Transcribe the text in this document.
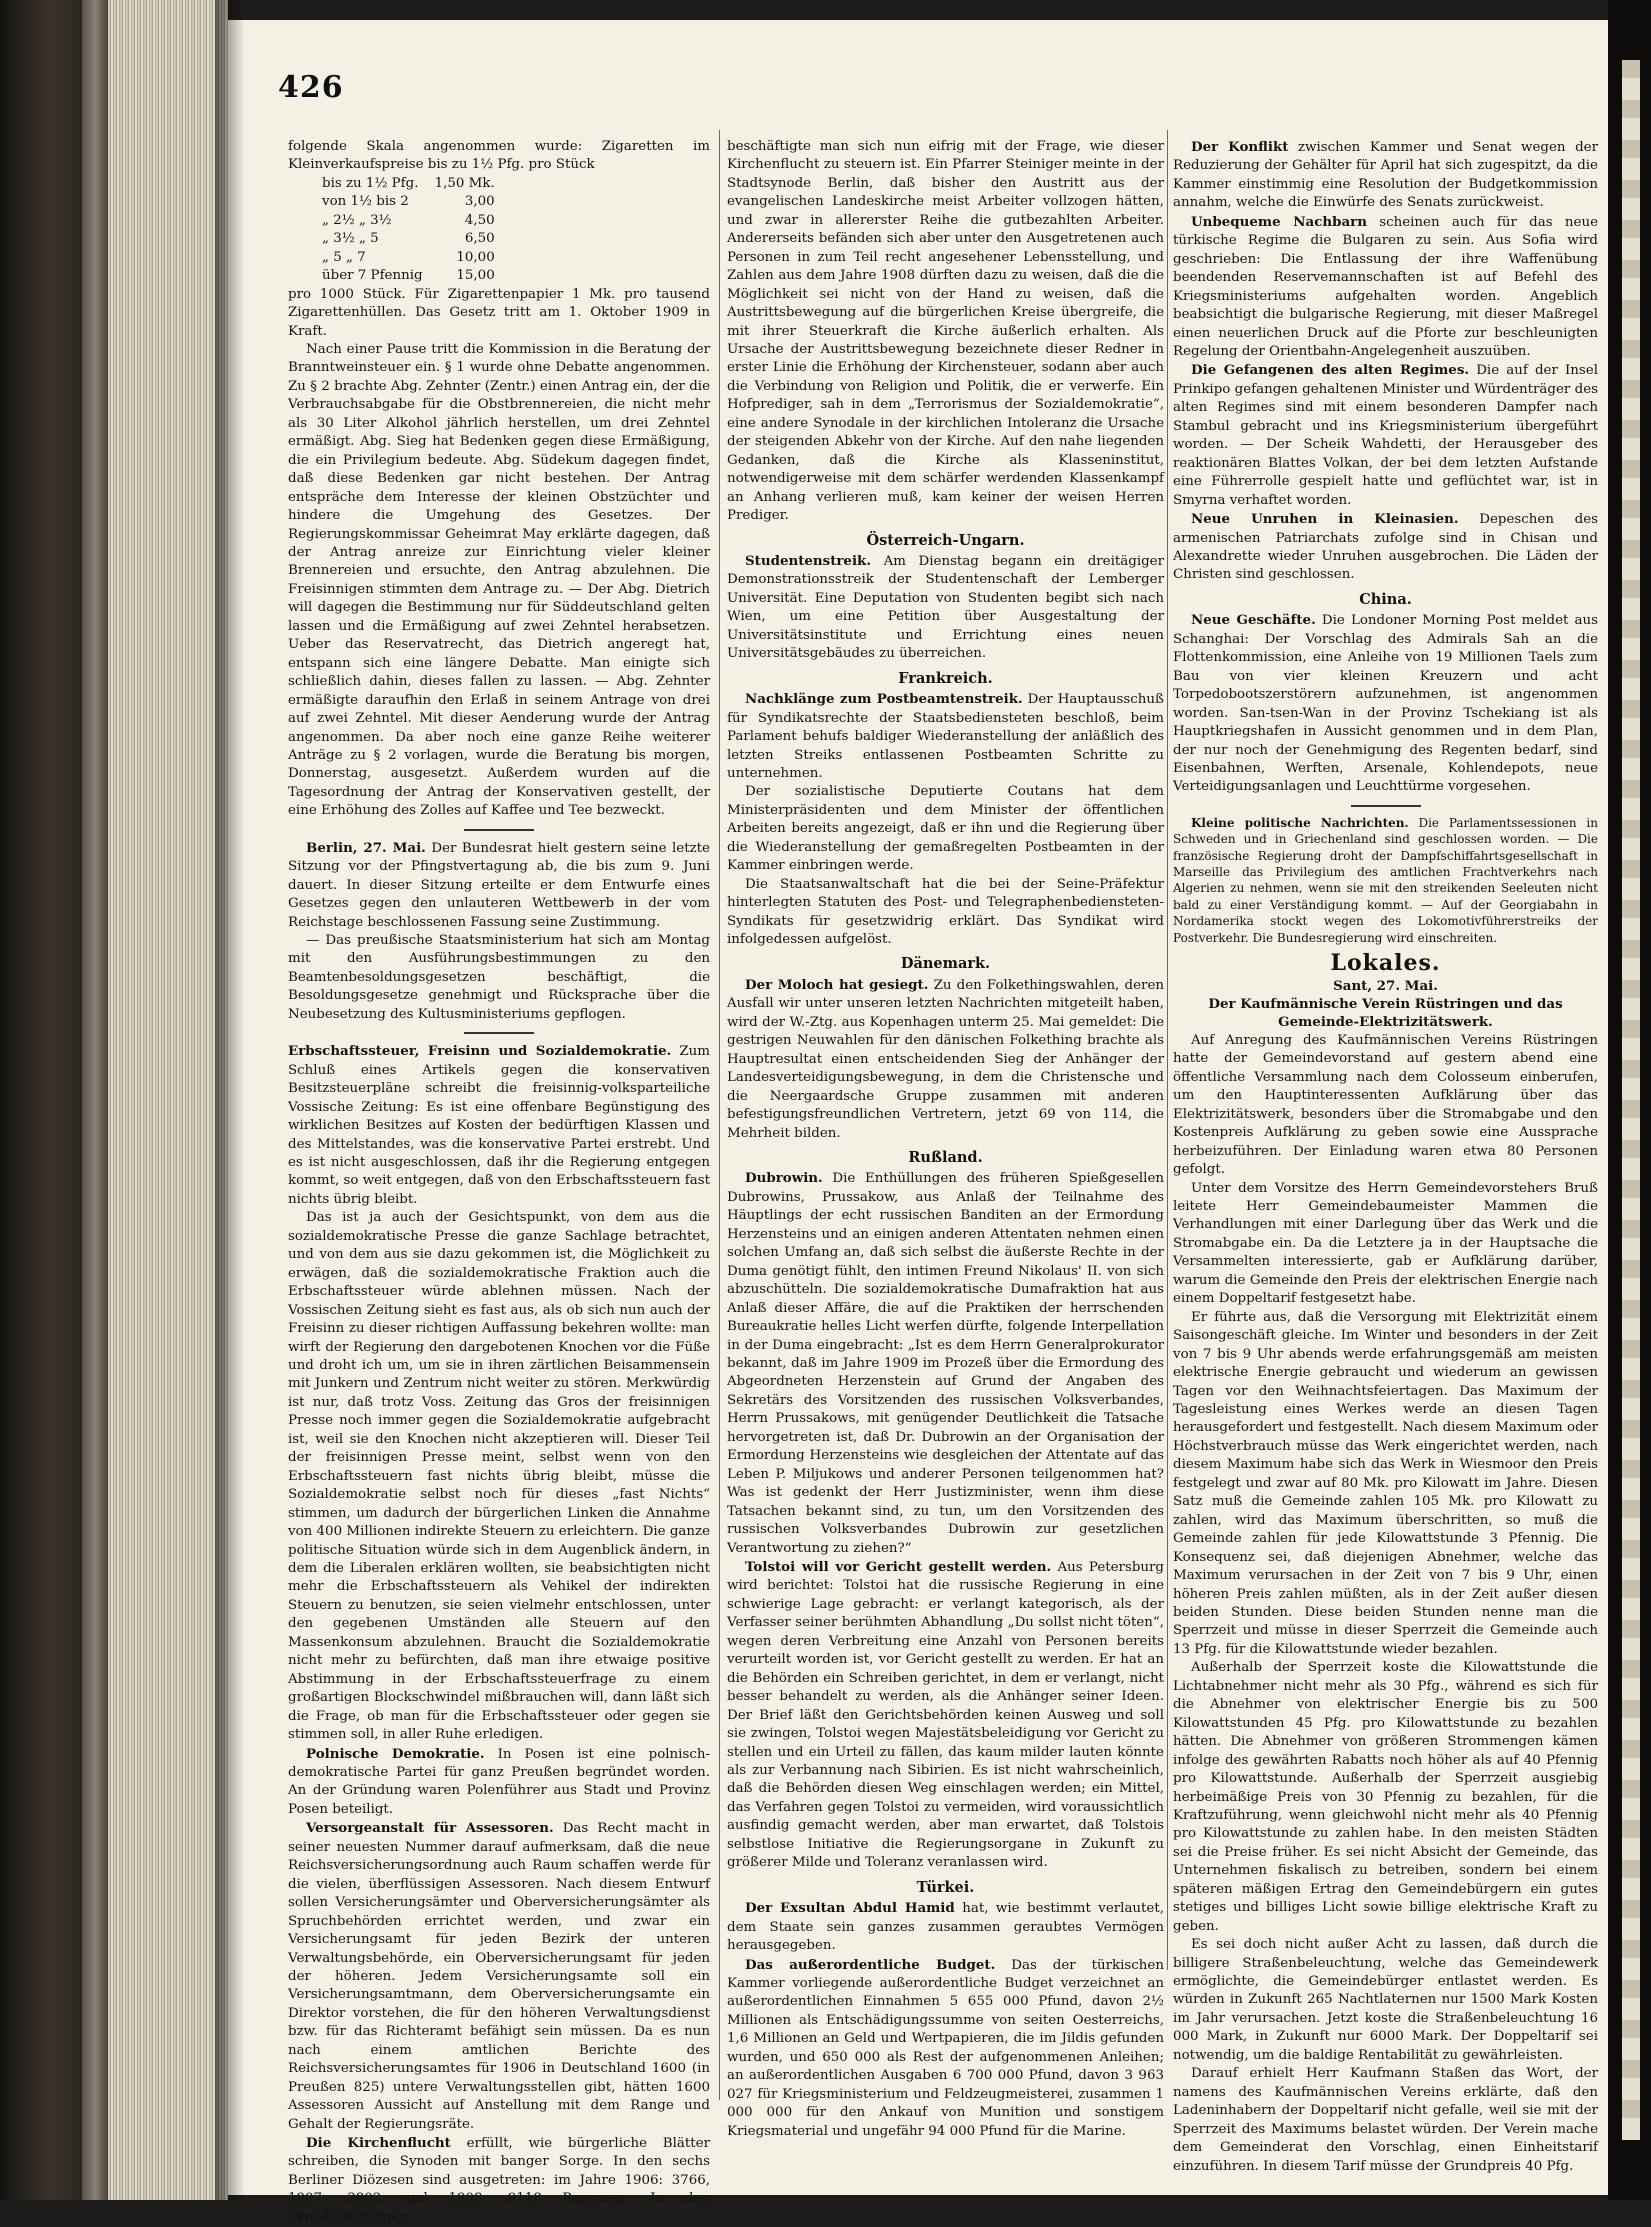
426

folgende Skala angenommen wurde: Zigaretten im Kleinverkaufspreise bis zu 1½ Pfg. pro Stück

bis zu 1½ Pfg.	1,50 Mk.
von 1½ bis 2	3,00
„ 2½ „ 3½	4,50
„ 3½ „ 5	6,50
„ 5 „ 7	10,00
über 7 Pfennig	15,00

pro 1000 Stück. Für Zigarettenpapier 1 Mk. pro tausend Zigarettenhüllen. Das Gesetz tritt am 1. Oktober 1909 in Kraft.

Nach einer Pause tritt die Kommission in die Beratung der Branntweinsteuer ein. § 1 wurde ohne Debatte angenommen. Zu § 2 brachte Abg. Zehnter (Zentr.) einen Antrag ein, der die Verbrauchsabgabe für die Obstbrennereien, die nicht mehr als 30 Liter Alkohol jährlich herstellen, um drei Zehntel ermäßigt. Abg. Sieg hat Bedenken gegen diese Ermäßigung, die ein Privilegium bedeute. Abg. Südekum dagegen findet, daß diese Bedenken gar nicht bestehen. Der Antrag entspräche dem Interesse der kleinen Obstzüchter und hindere die Umgehung des Gesetzes. Der Regierungskommissar Geheimrat May erklärte dagegen, daß der Antrag anreize zur Einrichtung vieler kleiner Brennereien und ersuchte, den Antrag abzulehnen. Die Freisinnigen stimmten dem Antrage zu. — Der Abg. Dietrich will dagegen die Bestimmung nur für Süddeutschland gelten lassen und die Ermäßigung auf zwei Zehntel herabsetzen. Ueber das Reservatrecht, das Dietrich angeregt hat, entspann sich eine längere Debatte. Man einigte sich schließlich dahin, dieses fallen zu lassen. — Abg. Zehnter ermäßigte daraufhin den Erlaß in seinem Antrage von drei auf zwei Zehntel. Mit dieser Aenderung wurde der Antrag angenommen. Da aber noch eine ganze Reihe weiterer Anträge zu § 2 vorlagen, wurde die Beratung bis morgen, Donnerstag, ausgesetzt. Außerdem wurden auf die Tagesordnung der Antrag der Konservativen gestellt, der eine Erhöhung des Zolles auf Kaffee und Tee bezweckt.

Berlin, 27. Mai. Der Bundesrat hielt gestern seine letzte Sitzung vor der Pfingstvertagung ab, die bis zum 9. Juni dauert. In dieser Sitzung erteilte er dem Entwurfe eines Gesetzes gegen den unlauteren Wettbewerb in der vom Reichstage beschlossenen Fassung seine Zustimmung.

— Das preußische Staatsministerium hat sich am Montag mit den Ausführungsbestimmungen zu den Beamtenbesoldungsgesetzen beschäftigt, die Besoldungsgesetze genehmigt und Rücksprache über die Neubesetzung des Kultusministeriums gepflogen.

Erbschaftssteuer, Freisinn und Sozialdemokratie. Zum Schluß eines Artikels gegen die konservativen Besitzsteuerpläne schreibt die freisinnig-volksparteiliche Vossische Zeitung: Es ist eine offenbare Begünstigung des wirklichen Besitzes auf Kosten der bedürftigen Klassen und des Mittelstandes, was die konservative Partei erstrebt. Und es ist nicht ausgeschlossen, daß ihr die Regierung entgegen kommt, so weit entgegen, daß von den Erbschaftssteuern fast nichts übrig bleibt.

Das ist ja auch der Gesichtspunkt, von dem aus die sozialdemokratische Presse die ganze Sachlage betrachtet, und von dem aus sie dazu gekommen ist, die Möglichkeit zu erwägen, daß die sozialdemokratische Fraktion auch die Erbschaftssteuer würde ablehnen müssen. Nach der Vossischen Zeitung sieht es fast aus, als ob sich nun auch der Freisinn zu dieser richtigen Auffassung bekehren wollte: man wirft der Regierung den dargebotenen Knochen vor die Füße und droht ich um, um sie in ihren zärtlichen Beisammensein mit Junkern und Zentrum nicht weiter zu stören. Merkwürdig ist nur, daß trotz Voss. Zeitung das Gros der freisinnigen Presse noch immer gegen die Sozialdemokratie aufgebracht ist, weil sie den Knochen nicht akzeptieren will. Dieser Teil der freisinnigen Presse meint, selbst wenn von den Erbschaftssteuern fast nichts übrig bleibt, müsse die Sozialdemokratie selbst noch für dieses „fast Nichts“ stimmen, um dadurch der bürgerlichen Linken die Annahme von 400 Millionen indirekte Steuern zu erleichtern. Die ganze politische Situation würde sich in dem Augenblick ändern, in dem die Liberalen erklären wollten, sie beabsichtigten nicht mehr die Erbschaftssteuern als Vehikel der indirekten Steuern zu benutzen, sie seien vielmehr entschlossen, unter den gegebenen Umständen alle Steuern auf den Massenkonsum abzulehnen. Braucht die Sozialdemokratie nicht mehr zu befürchten, daß man ihre etwaige positive Abstimmung in der Erbschaftssteuerfrage zu einem großartigen Blockschwindel mißbrauchen will, dann läßt sich die Frage, ob man für die Erbschaftssteuer oder gegen sie stimmen soll, in aller Ruhe erledigen.

Polnische Demokratie. In Posen ist eine polnisch-demokratische Partei für ganz Preußen begründet worden. An der Gründung waren Polenführer aus Stadt und Provinz Posen beteiligt.

Versorgeanstalt für Assessoren. Das Recht macht in seiner neuesten Nummer darauf aufmerksam, daß die neue Reichsversicherungsordnung auch Raum schaffen werde für die vielen, überflüssigen Assessoren. Nach diesem Entwurf sollen Versicherungsämter und Oberversicherungsämter als Spruchbehörden errichtet werden, und zwar ein Versicherungsamt für jeden Bezirk der unteren Verwaltungsbehörde, ein Oberversicherungsamt für jeden der höheren. Jedem Versicherungsamte soll ein Versicherungsamtmann, dem Oberversicherungsamte ein Direktor vorstehen, die für den höheren Verwaltungsdienst bzw. für das Richteramt befähigt sein müssen. Da es nun nach einem amtlichen Berichte des Reichsversicherungsamtes für 1906 in Deutschland 1600 (in Preußen 825) untere Verwaltungsstellen gibt, hätten 1600 Assessoren Aussicht auf Anstellung mit dem Range und Gehalt der Regierungsräte.

Die Kirchenflucht erfüllt, wie bürgerliche Blätter schreiben, die Synoden mit banger Sorge. In den sechs Berliner Diözesen sind ausgetreten: im Jahre 1906: 3766, 1907: 3802 und 1908: 9118 Personen. In den Synodalsitzungen

beschäftigte man sich nun eifrig mit der Frage, wie dieser Kirchenflucht zu steuern ist. Ein Pfarrer Steiniger meinte in der Stadtsynode Berlin, daß bisher den Austritt aus der evangelischen Landeskirche meist Arbeiter vollzogen hätten, und zwar in allererster Reihe die gutbezahlten Arbeiter. Andererseits befänden sich aber unter den Ausgetretenen auch Personen in zum Teil recht angesehener Lebensstellung, und Zahlen aus dem Jahre 1908 dürften dazu zu weisen, daß die die Möglichkeit sei nicht von der Hand zu weisen, daß die Austrittsbewegung auf die bürgerlichen Kreise übergreife, die mit ihrer Steuerkraft die Kirche äußerlich erhalten. Als Ursache der Austrittsbewegung bezeichnete dieser Redner in erster Linie die Erhöhung der Kirchensteuer, sodann aber auch die Verbindung von Religion und Politik, die er verwerfe. Ein Hofprediger, sah in dem „Terrorismus der Sozialdemokratie“, eine andere Synodale in der kirchlichen Intoleranz die Ursache der steigenden Abkehr von der Kirche. Auf den nahe liegenden Gedanken, daß die Kirche als Klasseninstitut, notwendigerweise mit dem schärfer werdenden Klassenkampf an Anhang verlieren muß, kam keiner der weisen Herren Prediger.

Österreich-Ungarn.

Studentenstreik. Am Dienstag begann ein dreitägiger Demonstrationsstreik der Studentenschaft der Lemberger Universität. Eine Deputation von Studenten begibt sich nach Wien, um eine Petition über Ausgestaltung der Universitätsinstitute und Errichtung eines neuen Universitätsgebäudes zu überreichen.

Frankreich.

Nachklänge zum Postbeamtenstreik. Der Hauptausschuß für Syndikatsrechte der Staatsbediensteten beschloß, beim Parlament behufs baldiger Wiederanstellung der anläßlich des letzten Streiks entlassenen Postbeamten Schritte zu unternehmen.

Der sozialistische Deputierte Coutans hat dem Ministerpräsidenten und dem Minister der öffentlichen Arbeiten bereits angezeigt, daß er ihn und die Regierung über die Wiederanstellung der gemaßregelten Postbeamten in der Kammer einbringen werde.

Die Staatsanwaltschaft hat die bei der Seine-Präfektur hinterlegten Statuten des Post- und Telegraphenbediensteten-Syndikats für gesetzwidrig erklärt. Das Syndikat wird infolgedessen aufgelöst.

Dänemark.

Der Moloch hat gesiegt. Zu den Folkethingswahlen, deren Ausfall wir unter unseren letzten Nachrichten mitgeteilt haben, wird der W.-Ztg. aus Kopenhagen unterm 25. Mai gemeldet: Die gestrigen Neuwahlen für den dänischen Folkething brachte als Hauptresultat einen entscheidenden Sieg der Anhänger der Landesverteidigungsbewegung, in dem die Christensche und die Neergaardsche Gruppe zusammen mit anderen befestigungsfreundlichen Vertretern, jetzt 69 von 114, die Mehrheit bilden.

Rußland.

Dubrowin. Die Enthüllungen des früheren Spießgesellen Dubrowins, Prussakow, aus Anlaß der Teilnahme des Häuptlings der echt russischen Banditen an der Ermordung Herzensteins und an einigen anderen Attentaten nehmen einen solchen Umfang an, daß sich selbst die äußerste Rechte in der Duma genötigt fühlt, den intimen Freund Nikolaus' II. von sich abzuschütteln. Die sozialdemokratische Dumafraktion hat aus Anlaß dieser Affäre, die auf die Praktiken der herrschenden Bureaukratie helles Licht werfen dürfte, folgende Interpellation in der Duma eingebracht: „Ist es dem Herrn Generalprokurator bekannt, daß im Jahre 1909 im Prozeß über die Ermordung des Abgeordneten Herzenstein auf Grund der Angaben des Sekretärs des Vorsitzenden des russischen Volksverbandes, Herrn Prussakows, mit genügender Deutlichkeit die Tatsache hervorgetreten ist, daß Dr. Dubrowin an der Organisation der Ermordung Herzensteins wie desgleichen der Attentate auf das Leben P. Miljukows und anderer Personen teilgenommen hat? Was ist gedenkt der Herr Justizminister, wenn ihm diese Tatsachen bekannt sind, zu tun, um den Vorsitzenden des russischen Volksverbandes Dubrowin zur gesetzlichen Verantwortung zu ziehen?“

Tolstoi will vor Gericht gestellt werden. Aus Petersburg wird berichtet: Tolstoi hat die russische Regierung in eine schwierige Lage gebracht: er verlangt kategorisch, als der Verfasser seiner berühmten Abhandlung „Du sollst nicht töten“, wegen deren Verbreitung eine Anzahl von Personen bereits verurteilt worden ist, vor Gericht gestellt zu werden. Er hat an die Behörden ein Schreiben gerichtet, in dem er verlangt, nicht besser behandelt zu werden, als die Anhänger seiner Ideen. Der Brief läßt den Gerichtsbehörden keinen Ausweg und soll sie zwingen, Tolstoi wegen Majestätsbeleidigung vor Gericht zu stellen und ein Urteil zu fällen, das kaum milder lauten könnte als zur Verbannung nach Sibirien. Es ist nicht wahrscheinlich, daß die Behörden diesen Weg einschlagen werden; ein Mittel, das Verfahren gegen Tolstoi zu vermeiden, wird voraussichtlich ausfindig gemacht werden, aber man erwartet, daß Tolstois selbstlose Initiative die Regierungsorgane in Zukunft zu größerer Milde und Toleranz veranlassen wird.

Türkei.

Der Exsultan Abdul Hamid hat, wie bestimmt verlautet, dem Staate sein ganzes zusammen geraubtes Vermögen herausgegeben.

Das außerordentliche Budget. Das der türkischen Kammer vorliegende außerordentliche Budget verzeichnet an außerordentlichen Einnahmen 5 655 000 Pfund, davon 2½ Millionen als Entschädigungssumme von seiten Oesterreichs, 1,6 Millionen an Geld und Wertpapieren, die im Jildis gefunden wurden, und 650 000 als Rest der aufgenommenen Anleihen; an außerordentlichen Ausgaben 6 700 000 Pfund, davon 3 963 027 für Kriegsministerium und Feldzeugmeisterei, zusammen 1 000 000 für den Ankauf von Munition und sonstigem Kriegsmaterial und ungefähr 94 000 Pfund für die Marine.

Der Konflikt zwischen Kammer und Senat wegen der Reduzierung der Gehälter für April hat sich zugespitzt, da die Kammer einstimmig eine Resolution der Budgetkommission annahm, welche die Einwürfe des Senats zurückweist.

Unbequeme Nachbarn scheinen auch für das neue türkische Regime die Bulgaren zu sein. Aus Sofia wird geschrieben: Die Entlassung der ihre Waffenübung beendenden Reservemannschaften ist auf Befehl des Kriegsministeriums aufgehalten worden. Angeblich beabsichtigt die bulgarische Regierung, mit dieser Maßregel einen neuerlichen Druck auf die Pforte zur beschleunigten Regelung der Orientbahn-Angelegenheit auszuüben.

Die Gefangenen des alten Regimes. Die auf der Insel Prinkipo gefangen gehaltenen Minister und Würdenträger des alten Regimes sind mit einem besonderen Dampfer nach Stambul gebracht und ins Kriegsministerium übergeführt worden. — Der Scheik Wahdetti, der Herausgeber des reaktionären Blattes Volkan, der bei dem letzten Aufstande eine Führerrolle gespielt hatte und geflüchtet war, ist in Smyrna verhaftet worden.

Neue Unruhen in Kleinasien. Depeschen des armenischen Patriarchats zufolge sind in Chisan und Alexandrette wieder Unruhen ausgebrochen. Die Läden der Christen sind geschlossen.

China.

Neue Geschäfte. Die Londoner Morning Post meldet aus Schanghai: Der Vorschlag des Admirals Sah an die Flottenkommission, eine Anleihe von 19 Millionen Taels zum Bau von vier kleinen Kreuzern und acht Torpedobootszerstörern aufzunehmen, ist angenommen worden. San-tsen-Wan in der Provinz Tschekiang ist als Hauptkriegshafen in Aussicht genommen und in dem Plan, der nur noch der Genehmigung des Regenten bedarf, sind Eisenbahnen, Werften, Arsenale, Kohlendepots, neue Verteidigungsanlagen und Leuchttürme vorgesehen.

Kleine politische Nachrichten. Die Parlamentssessionen in Schweden und in Griechenland sind geschlossen worden. — Die französische Regierung droht der Dampfschiffahrtsgesellschaft in Marseille das Privilegium des amtlichen Frachtverkehrs nach Algerien zu nehmen, wenn sie mit den streikenden Seeleuten nicht bald zu einer Verständigung kommt. — Auf der Georgiabahn in Nordamerika stockt wegen des Lokomotivführerstreiks der Postverkehr. Die Bundesregierung wird einschreiten.

Lokales.

Sant, 27. Mai.

Der Kaufmännische Verein Rüstringen und das Gemeinde-Elektrizitätswerk.

Auf Anregung des Kaufmännischen Vereins Rüstringen hatte der Gemeindevorstand auf gestern abend eine öffentliche Versammlung nach dem Colosseum einberufen, um den Hauptinteressenten Aufklärung über das Elektrizitätswerk, besonders über die Stromabgabe und den Kostenpreis Aufklärung zu geben sowie eine Aussprache herbeizuführen. Der Einladung waren etwa 80 Personen gefolgt.

Unter dem Vorsitze des Herrn Gemeindevorstehers Bruß leitete Herr Gemeindebaumeister Mammen die Verhandlungen mit einer Darlegung über das Werk und die Stromabgabe ein. Da die Letztere ja in der Hauptsache die Versammelten interessierte, gab er Aufklärung darüber, warum die Gemeinde den Preis der elektrischen Energie nach einem Doppeltarif festgesetzt habe.

Er führte aus, daß die Versorgung mit Elektrizität einem Saisongeschäft gleiche. Im Winter und besonders in der Zeit von 7 bis 9 Uhr abends werde erfahrungsgemäß am meisten elektrische Energie gebraucht und wiederum an gewissen Tagen vor den Weihnachtsfeiertagen. Das Maximum der Tagesleistung eines Werkes werde an diesen Tagen herausgefordert und festgestellt. Nach diesem Maximum oder Höchstverbrauch müsse das Werk eingerichtet werden, nach diesem Maximum habe sich das Werk in Wiesmoor den Preis festgelegt und zwar auf 80 Mk. pro Kilowatt im Jahre. Diesen Satz muß die Gemeinde zahlen 105 Mk. pro Kilowatt zu zahlen, wird das Maximum überschritten, so muß die Gemeinde zahlen für jede Kilowattstunde 3 Pfennig. Die Konsequenz sei, daß diejenigen Abnehmer, welche das Maximum verursachen in der Zeit von 7 bis 9 Uhr, einen höheren Preis zahlen müßten, als in der Zeit außer diesen beiden Stunden. Diese beiden Stunden nenne man die Sperrzeit und müsse in dieser Sperrzeit die Gemeinde auch 13 Pfg. für die Kilowattstunde wieder bezahlen.

Außerhalb der Sperrzeit koste die Kilowattstunde die Lichtabnehmer nicht mehr als 30 Pfg., während es sich für die Abnehmer von elektrischer Energie bis zu 500 Kilowattstunden 45 Pfg. pro Kilowattstunde zu bezahlen hätten. Die Abnehmer von größeren Strommengen kämen infolge des gewährten Rabatts noch höher als auf 40 Pfennig pro Kilowattstunde. Außerhalb der Sperrzeit ausgiebig herbeimäßige Preis von 30 Pfennig zu bezahlen, für die Kraftzuführung, wenn gleichwohl nicht mehr als 40 Pfennig pro Kilowattstunde zu zahlen habe. In den meisten Städten sei die Preise früher. Es sei nicht Absicht der Gemeinde, das Unternehmen fiskalisch zu betreiben, sondern bei einem späteren mäßigen Ertrag den Gemeindebürgern ein gutes stetiges und billiges Licht sowie billige elektrische Kraft zu geben.

Es sei doch nicht außer Acht zu lassen, daß durch die billigere Straßenbeleuchtung, welche das Gemeindewerk ermöglichte, die Gemeindebürger entlastet werden. Es würden in Zukunft 265 Nachtlaternen nur 1500 Mark Kosten im Jahr verursachen. Jetzt koste die Straßenbeleuchtung 16 000 Mark, in Zukunft nur 6000 Mark. Der Doppeltarif sei notwendig, um die baldige Rentabilität zu gewährleisten.

Darauf erhielt Herr Kaufmann Staßen das Wort, der namens des Kaufmännischen Vereins erklärte, daß den Ladeninhabern der Doppeltarif nicht gefalle, weil sie mit der Sperrzeit des Maximums belastet würden. Der Verein mache dem Gemeinderat den Vorschlag, einen Einheitstarif einzuführen. In diesem Tarif müsse der Grundpreis 40 Pfg.
